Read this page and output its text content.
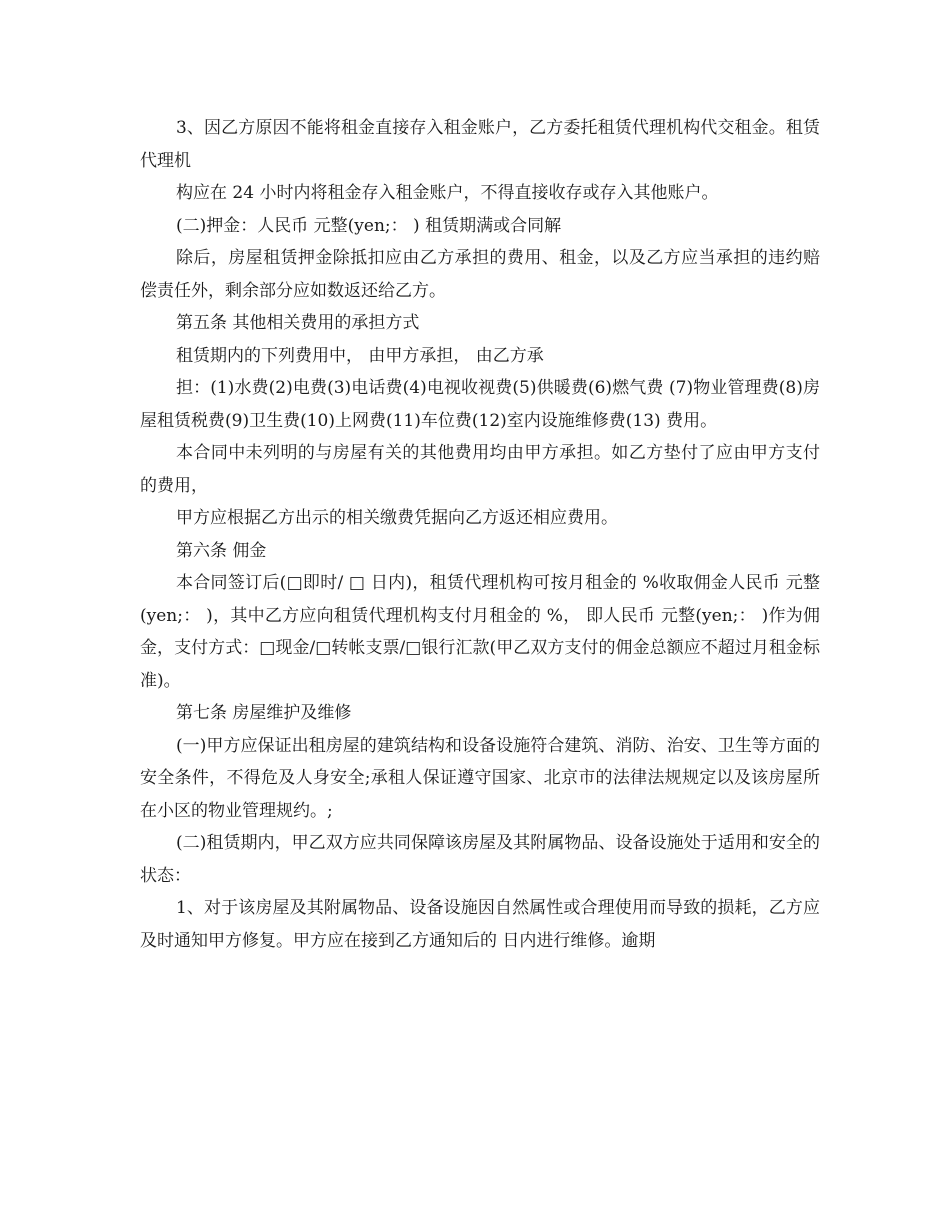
3、因乙方原因不能将租金直接存入租金账户，乙方委托租赁代理机构代交租金。租赁代理机

构应在 24 小时内将租金存入租金账户，不得直接收存或存入其他账户。

(二)押金：人民币 元整(yen;： ) 租赁期满或合同解

除后，房屋租赁押金除抵扣应由乙方承担的费用、租金，以及乙方应当承担的违约赔偿责任外，剩余部分应如数返还给乙方。

第五条 其他相关费用的承担方式

租赁期内的下列费用中， 由甲方承担， 由乙方承

担：(1)水费(2)电费(3)电话费(4)电视收视费(5)供暖费(6)燃气费 (7)物业管理费(8)房屋租赁税费(9)卫生费(10)上网费(11)车位费(12)室内设施维修费(13) 费用。

本合同中未列明的与房屋有关的其他费用均由甲方承担。如乙方垫付了应由甲方支付的费用，

甲方应根据乙方出示的相关缴费凭据向乙方返还相应费用。

第六条 佣金

本合同签订后(□即时/ □ 日内)，租赁代理机构可按月租金的 %收取佣金人民币 元整(yen;： )，其中乙方应向租赁代理机构支付月租金的 %， 即人民币 元整(yen;： )作为佣金，支付方式：□现金/□转帐支票/□银行汇款(甲乙双方支付的佣金总额应不超过月租金标准)。

第七条 房屋维护及维修

(一)甲方应保证出租房屋的建筑结构和设备设施符合建筑、消防、治安、卫生等方面的安全条件，不得危及人身安全;承租人保证遵守国家、北京市的法律法规规定以及该房屋所在小区的物业管理规约。;

(二)租赁期内，甲乙双方应共同保障该房屋及其附属物品、设备设施处于适用和安全的状态：

1、对于该房屋及其附属物品、设备设施因自然属性或合理使用而导致的损耗，乙方应及时通知甲方修复。甲方应在接到乙方通知后的 日内进行维修。逾期
